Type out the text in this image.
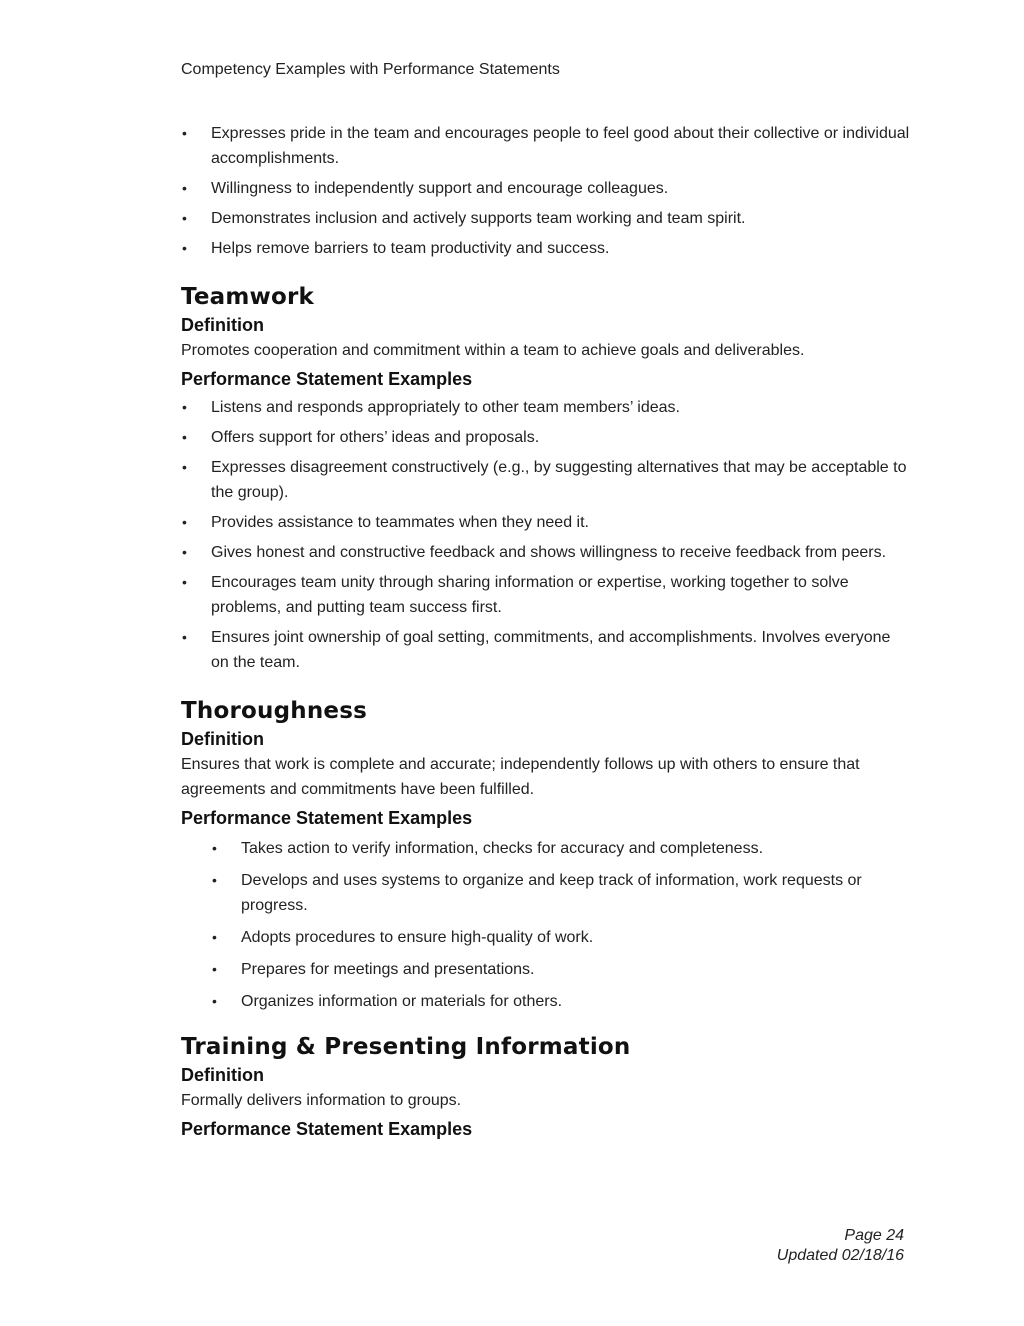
Competency Examples with Performance Statements
• Expresses pride in the team and encourages people to feel good about their collective or individual accomplishments.
• Willingness to independently support and encourage colleagues.
• Demonstrates inclusion and actively supports team working and team spirit.
• Helps remove barriers to team productivity and success.
Teamwork
Definition

Promotes cooperation and commitment within a team to achieve goals and deliverables.

Performance Statement Examples
• Listens and responds appropriately to other team members’ ideas.
• Offers support for others’ ideas and proposals.
• Expresses disagreement constructively (e.g., by suggesting alternatives that may be acceptable to the group).
• Provides assistance to teammates when they need it.
• Gives honest and constructive feedback and shows willingness to receive feedback from peers.
• Encourages team unity through sharing information or expertise, working together to solve problems, and putting team success first.
• Ensures joint ownership of goal setting, commitments, and accomplishments. Involves everyone on the team.
Thoroughness
Definition

Ensures that work is complete and accurate; independently follows up with others to ensure that agreements and commitments have been fulfilled.

Performance Statement Examples
• Takes action to verify information, checks for accuracy and completeness.
• Develops and uses systems to organize and keep track of information, work requests or progress.
• Adopts procedures to ensure high-quality of work.
• Prepares for meetings and presentations.
• Organizes information or materials for others.
Training & Presenting Information
Definition

Formally delivers information to groups.

Performance Statement Examples
Page 24
Updated 02/18/16
